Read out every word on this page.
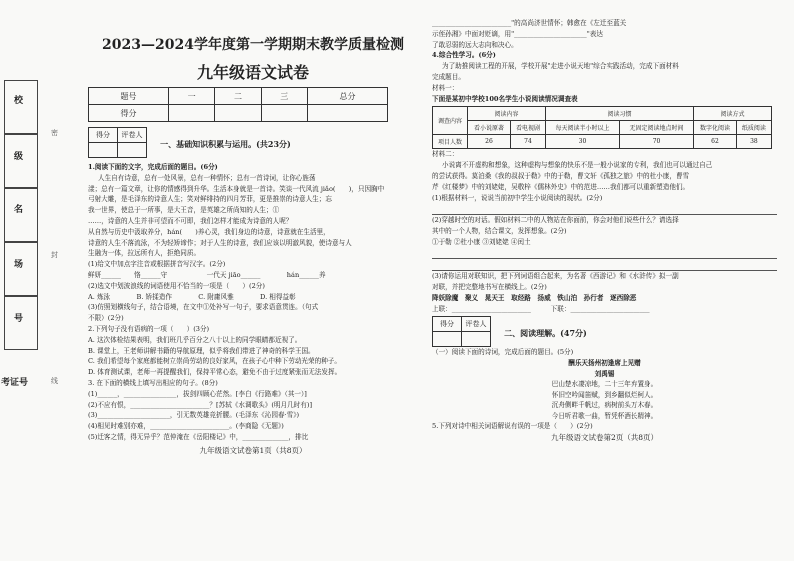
校
级
名
场
号
考证号
密
封
线
2023—2024学年度第一学期期末教学质量检测
九年级语文试卷
题号	一	二	三	总分
得分				
得分	评卷人
	一、基础知识积累与运用。(共23分)
1.阅读下面的文字，完成后面的题目。(6分)
人生自有诗意，总有一处风景，总有一种情怀；总有一首诗词，让你心旌荡
漾；总有一篇文章，让你的情感得到升华。生活本身就是一首诗。笑谈一代风流 jiǎo(　　)，只因胸中
弓射大雕，是毛泽东的诗意人生；笑对鲜绯持的四月芳菲，更是推崇的诗意人生；忘
我一世界，使总于一所事，是大王音，是英雄之所尚知的人生；①
……，诗意的人生并非可望而不可即，我们怎样才能成为诗意的人呢？
从自然与历史中汲取养分，hán(　　)养心灵，我们身边的诗意，诗意就在生活里，
诗意的人生不落流泳，不为轻矫谛作；对于人生的诗意，我们应该以明澈风貌，使诗意与人
生融为一体，拉远所有人，拒绝同质。
(1)给文中加点字注音或根据拼音写汉字。(2分)
鲜妍______　　恪______守　　　　　　一代天 jiāo______　　　　hán______养
(2)选文中划波浪线的词语使用不恰当的一项是（　　）(2分)
A. 炼泳　　　　B. 矫揉造作　　　　C. 附庸风雅　　　　D. 相得益彰
(3)仿照划横线句子，结合语境，在文中①处补写一句子，要求语意贯连。（句式
不限）(2分)
2.下列句子没有语病的一项（　　）(3分)
A. 这次体检结果表明，我们班几乎百分之八十以上的同学眼睛都近视了。
B. 课堂上，王老师讲解书籍的导航原理，似乎将我们带进了神奇的科学王国。
C. 我们希望每个家庭都能树立崇尚劳动的良好家风，在孩子心中种下劳动光荣的种子。
D. 体育测试课，老师一再提醒我们，保持平常心态，避免不由于过度紧张而无法发挥。
3. 在下面的横线上填写出相应的句子。(8分)
(1)______，________________，拔剑四顾心茫然。[李白《行路难》（其一）]
(2)不应有恨，________________________？[苏轼《水调歌头》(明月几时有)]
(3)______________________，引无数英雄竞折腰。(毛泽东《沁园春·雪》)
(4)相见时难别亦难，________________________。(李商隐《无题》)
(5)迁客之情，得无异乎？范仲淹在《岳阳楼记》中，______________，排比
九年级语文试卷第1页（共8页）
________________________"的高尚济世情怀；韩愈在《左迁至蓝关
示侄孙湘》中面对贬谪，用"______________________"表达
了敢忍弱的远大志向和决心。
4.综合性学习。(6分)
为了助推阅读工程的开展，学校开展"走进小说天地"综合实践活动，完成下面材料
完成题目。
材料一：
下面是某初中学校100名学生小说阅读情况调查表
调查内容	阅读内容		阅读习惯		阅读方式	
	看小说原著	看电视剧	每天阅读半小时以上	无固定阅读地点时间	数字化阅读	纸质阅读
项目人数	26	74	30	70	62	38
材料二：
小说离不开虚构和想象，这种虚构与想象的快乐不是一般小说家的专利，我们也可以通过自己
的尝试获得。莫泊桑《我的叔叔于勒》中的于勒，曹文轩《孤独之旅》中的杜小康，曹雪
芹《红楼梦》中的刘姥姥，吴敬梓《儒林外史》中的范进……我们都可以重新塑造他们。
(1)根据材料一，说说当前初中学生小说阅读的现状。(2分)

(2)穿越时空的对话。假如材料二中的人物站在你面前，你会对他们说些什么？请选择
其中的一个人物，结合课文，发挥想象。(2分)
①于勒 ②杜小康 ③刘姥姥 ④闰土

(3)请你运用对联知识，把下列词语组合起来，为名著《西游记》和《水浒传》拟一副
对联，并把完整地书写在横线上。(2分)
降妖除魔　聚义　晁天王　取经路　扬威　铁山泊　孙行者　逐西除恶
上联：________________________　　　下联：________________________
得分	评卷人
	二、阅读理解。(47分)
（一）阅读下面的诗词，完成后面的题目。(5分)
酬乐天扬州初逢席上见赠
刘禹锡
巴山楚水凄凉地，二十三年弃置身。
怀旧空吟闻笛赋，到乡翻似烂柯人。
沉舟侧畔千帆过，病树前头万木春。
今日听君歌一曲，暂凭杯酒长精神。
5.下列对诗中相关词语解说有误的一项是（　　）(2分)
九年级语文试卷第2页（共8页）
